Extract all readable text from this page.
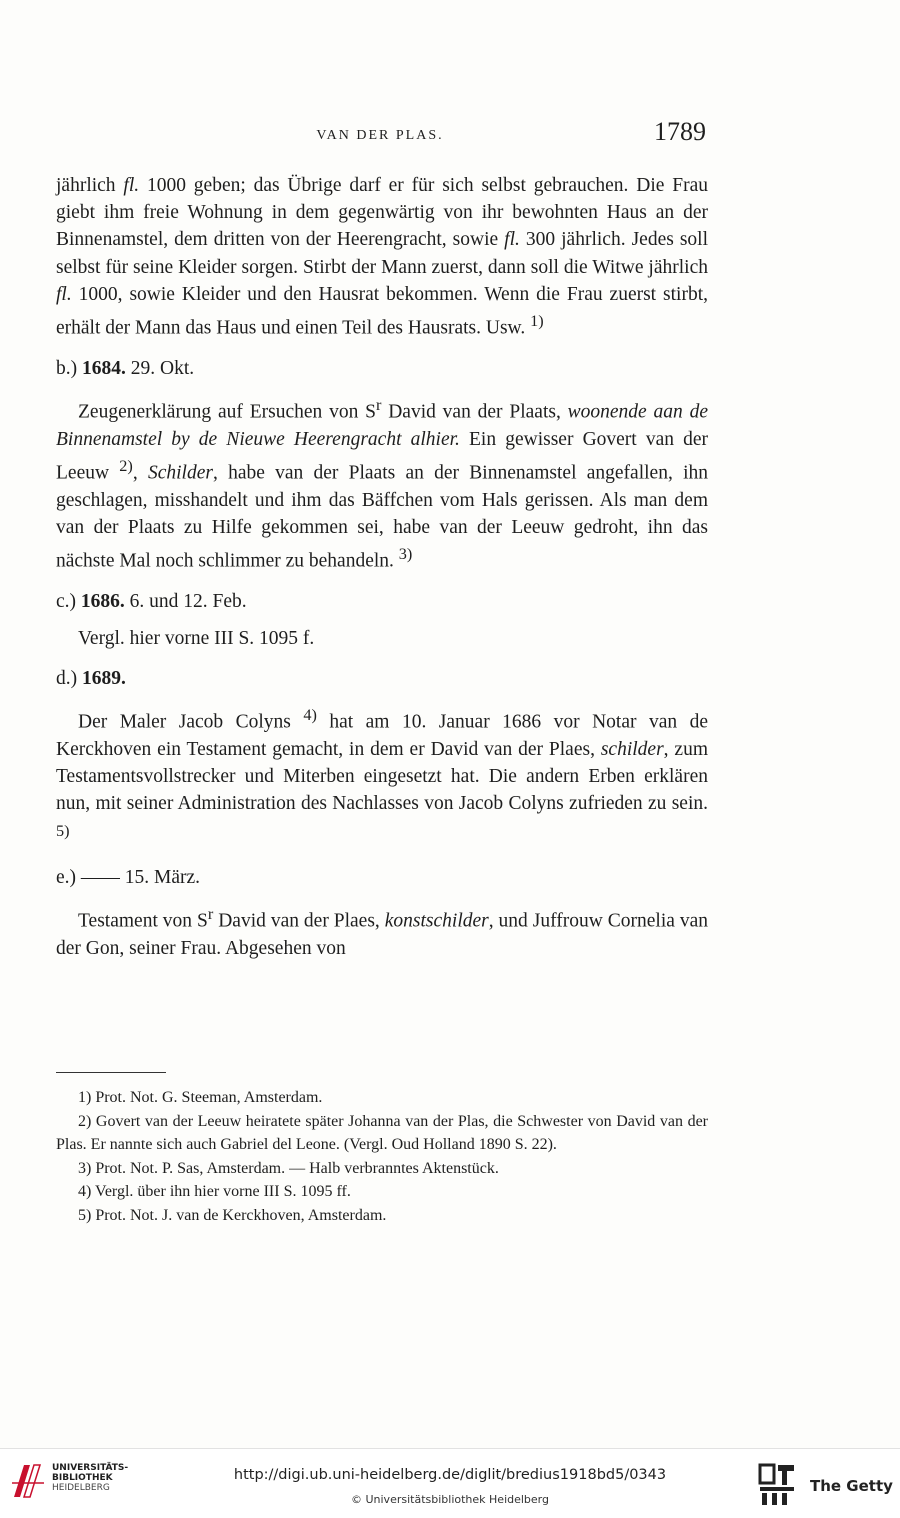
VAN DER PLAS.	1789

jährlich fl. 1000 geben; das Übrige darf er für sich selbst gebrauchen. Die Frau giebt ihm freie Wohnung in dem gegenwärtig von ihr bewohnten Haus an der Binnenamstel, dem dritten von der Heerengracht, sowie fl. 300 jährlich. Jedes soll selbst für seine Kleider sorgen. Stirbt der Mann zuerst, dann soll die Witwe jährlich fl. 1000, sowie Kleider und den Hausrat bekommen. Wenn die Frau zuerst stirbt, erhält der Mann das Haus und einen Teil des Hausrats. Usw. $^{1)}$

b.) 1684. 29. Okt.

Zeugenerklärung auf Ersuchen von $S^r$ David van der Plaats, woonende aan de Binnenamstel by de Nieuwe Heerengracht alhier. Ein gewisser Govert van der Leeuw $^{2)}$, Schilder, habe van der Plaats an der Binnenamstel angefallen, ihn geschlagen, misshandelt und ihm das Bäffchen vom Hals gerissen. Als man dem van der Plaats zu Hilfe gekommen sei, habe van der Leeuw gedroht, ihn das nächste Mal noch schlimmer zu behandeln. $^{3)}$

c.) 1686. 6. und 12. Feb.

Vergl. hier vorne III S. 1095 f.

d.) 1689.

Der Maler Jacob Colyns $^{4)}$ hat am 10. Januar 1686 vor Notar van de Kerckhoven ein Testament gemacht, in dem er David van der Plaes, schilder, zum Testamentsvollstrecker und Miterben eingesetzt hat. Die andern Erben erklären nun, mit seiner Administration des Nachlasses von Jacob Colyns zufrieden zu sein. $^{5)}$

e.) —— 15. März.

Testament von $S^r$ David van der Plaes, konstschilder, und Juffrouw Cornelia van der Gon, seiner Frau. Abgesehen von

1) Prot. Not. G. Steeman, Amsterdam.

2) Govert van der Leeuw heiratete später Johanna van der Plas, die Schwester von David van der Plas. Er nannte sich auch Gabriel del Leone. (Vergl. Oud Holland 1890 S. 22).

3) Prot. Not. P. Sas, Amsterdam. — Halb verbranntes Aktenstück.

4) Vergl. über ihn hier vorne III S. 1095 ff.

5) Prot. Not. J. van de Kerckhoven, Amsterdam.

UNIVERSITÄTS-
BIBLIOTHEK
HEIDELBERG
http://digi.ub.uni-heidelberg.de/diglit/bredius1918bd5/0343
© Universitätsbibliothek Heidelberg
The Getty
